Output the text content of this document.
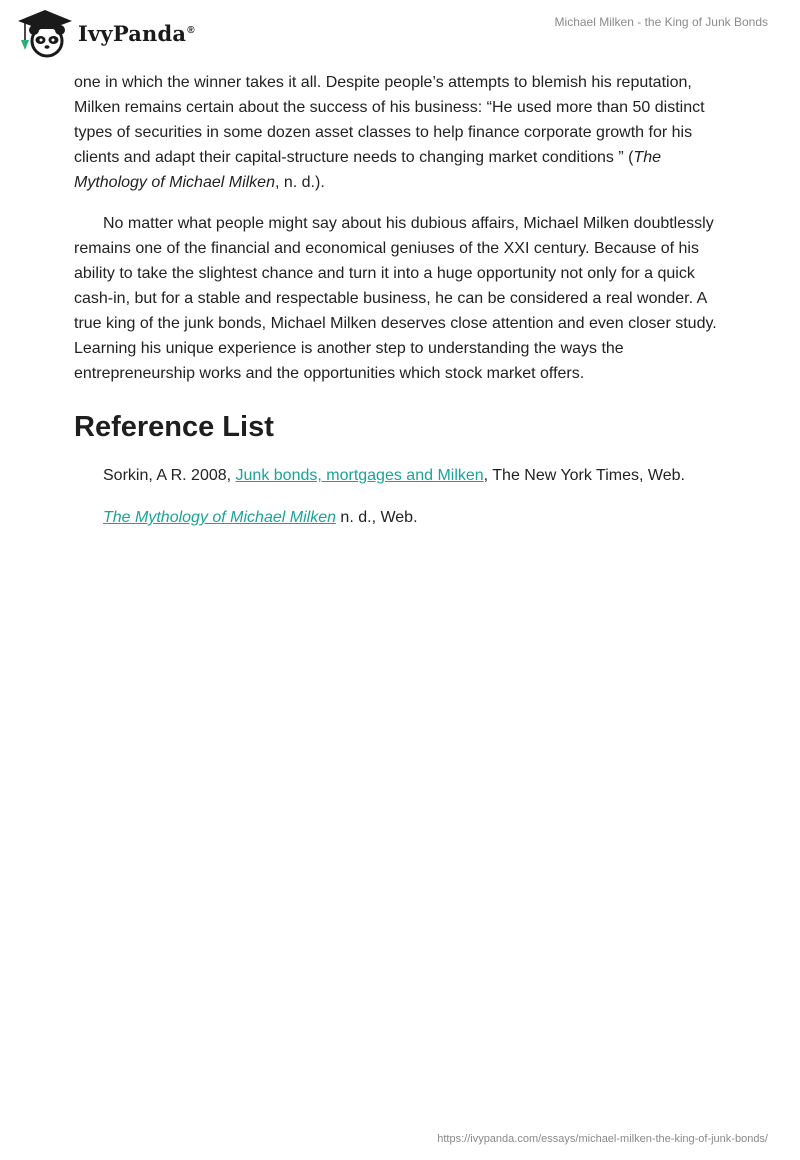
IvyPanda®
Michael Milken - the King of Junk Bonds

one in which the winner takes it all. Despite people’s attempts to blemish his reputation, Milken remains certain about the success of his business: “He used more than 50 distinct types of securities in some dozen asset classes to help finance corporate growth for his clients and adapt their capital-structure needs to changing market conditions ” (The Mythology of Michael Milken, n. d.).

No matter what people might say about his dubious affairs, Michael Milken doubtlessly remains one of the financial and economical geniuses of the XXI century. Because of his ability to take the slightest chance and turn it into a huge opportunity not only for a quick cash-in, but for a stable and respectable business, he can be considered a real wonder. A true king of the junk bonds, Michael Milken deserves close attention and even closer study. Learning his unique experience is another step to understanding the ways the entrepreneurship works and the opportunities which stock market offers.

Reference List

Sorkin, A R. 2008, Junk bonds, mortgages and Milken, The New York Times, Web.

The Mythology of Michael Milken n. d., Web.

https://ivypanda.com/essays/michael-milken-the-king-of-junk-bonds/
